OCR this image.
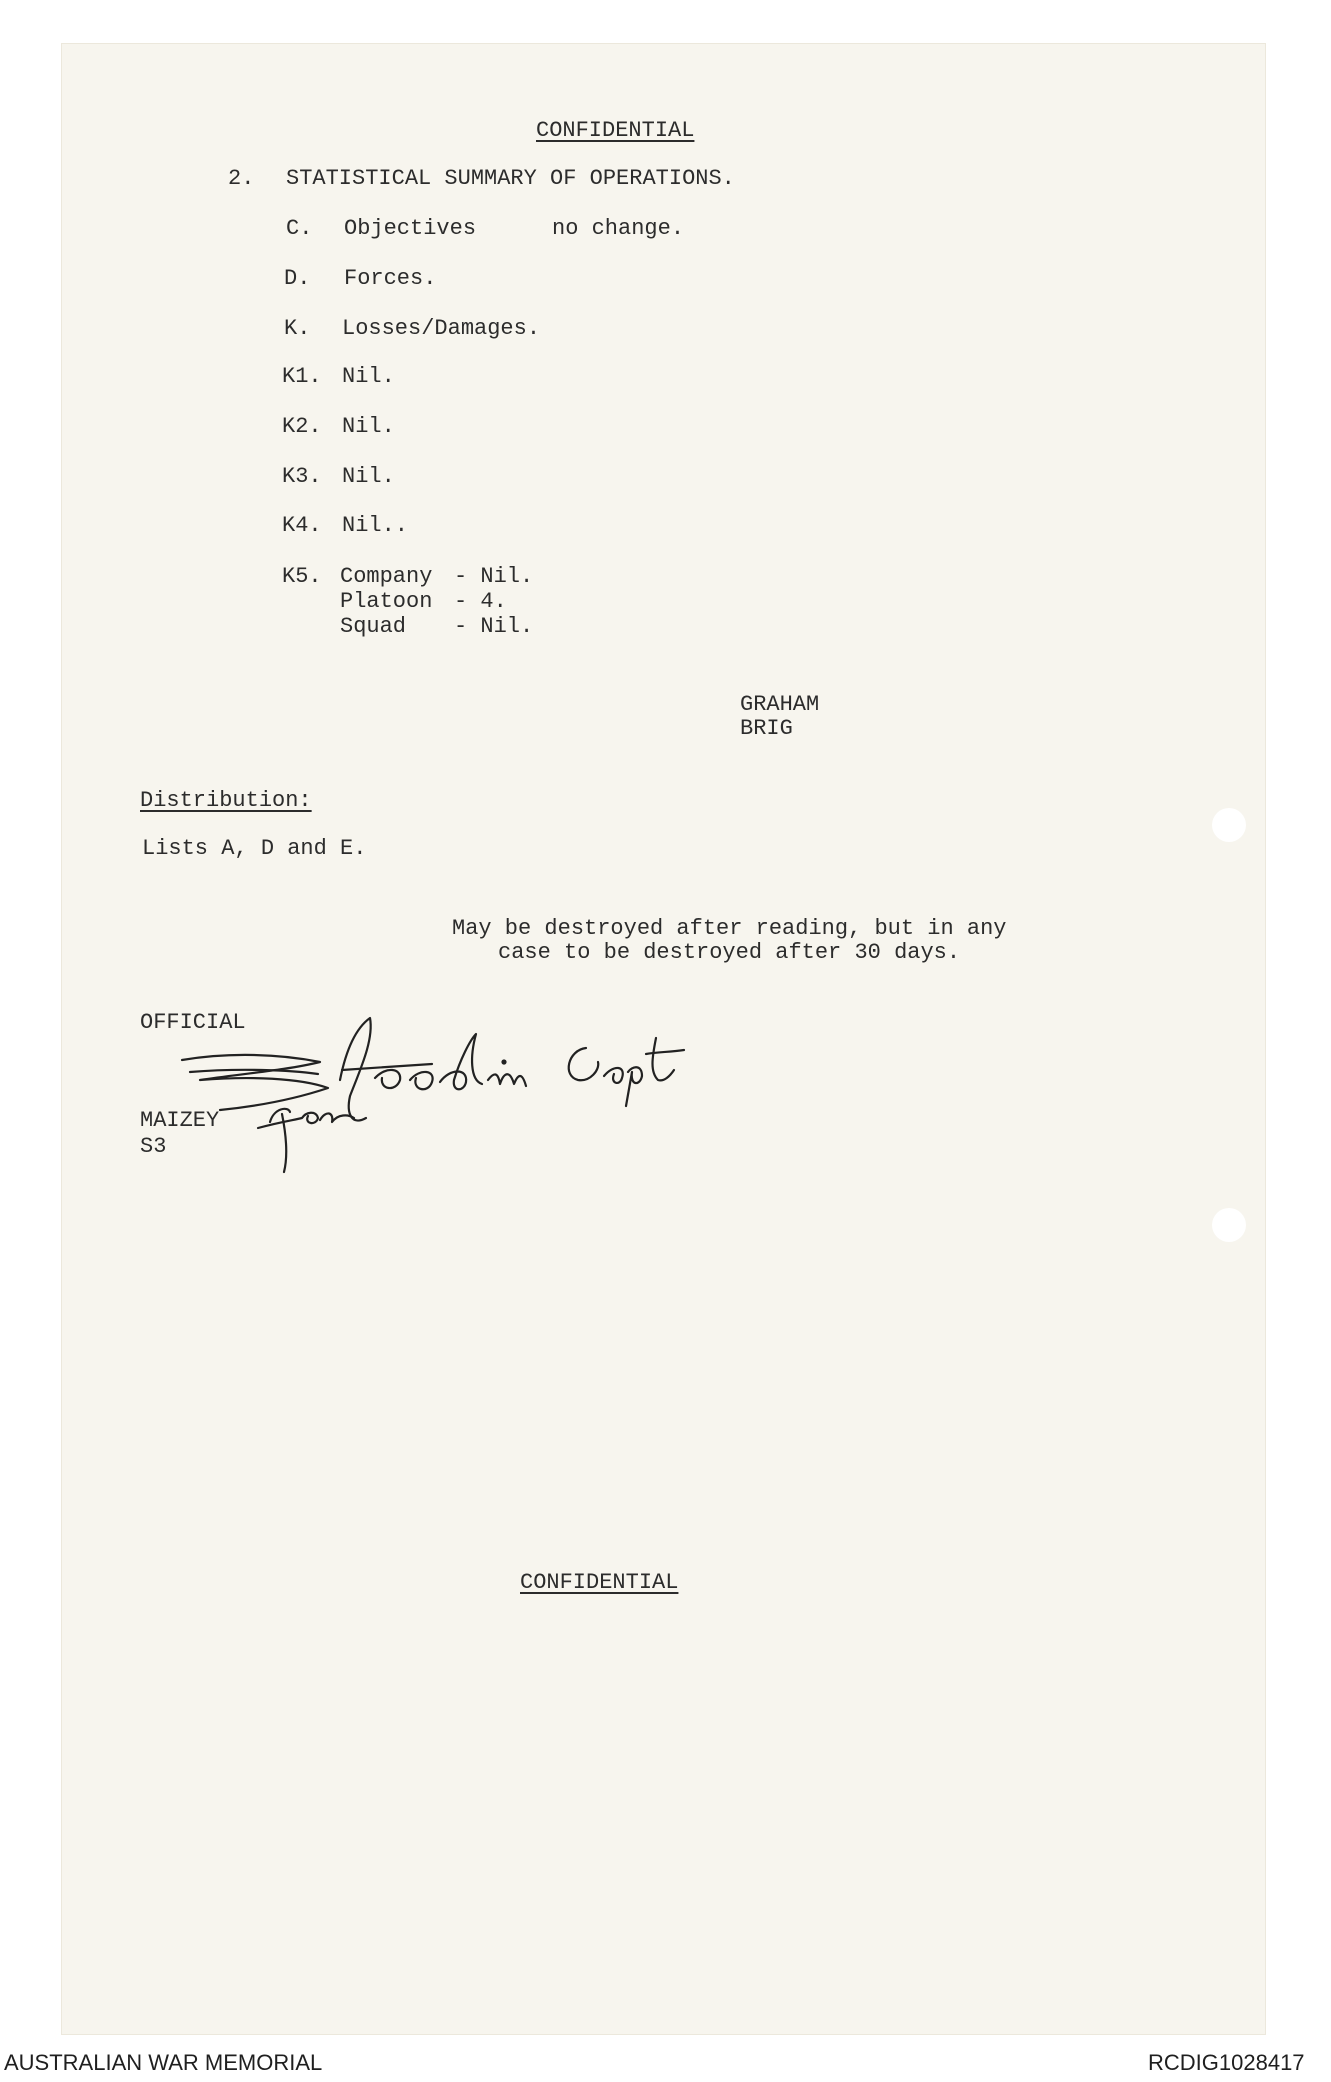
CONFIDENTIAL
2. STATISTICAL SUMMARY OF OPERATIONS.
C. Objectives	no change.
D. Forces.
K. Losses/Damages.
K1. Nil.
K2. Nil.
K3. Nil.
K4. Nil..
K5. Company - Nil.
Platoon - 4.
Squad - Nil.
GRAHAM
BRIG
Distribution:
Lists A, D and E.
May be destroyed after reading, but in any
case to be destroyed after 30 days.
OFFICIAL
MAIZEY
S3
CONFIDENTIAL
AUSTRALIAN WAR MEMORIAL	RCDIG1028417
